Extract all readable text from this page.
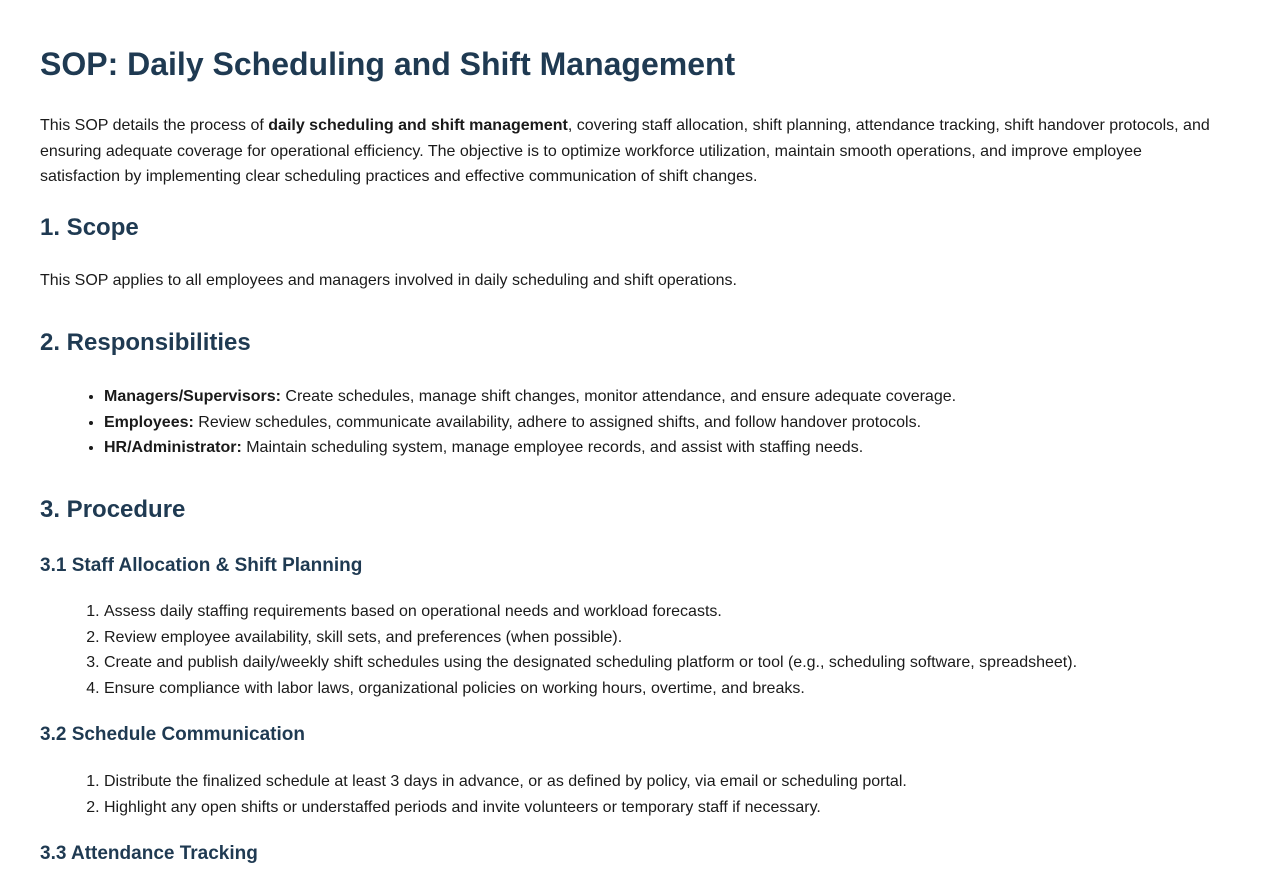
SOP: Daily Scheduling and Shift Management

This SOP details the process of daily scheduling and shift management, covering staff allocation, shift planning, attendance tracking, shift handover protocols, and ensuring adequate coverage for operational efficiency. The objective is to optimize workforce utilization, maintain smooth operations, and improve employee satisfaction by implementing clear scheduling practices and effective communication of shift changes.

1. Scope

This SOP applies to all employees and managers involved in daily scheduling and shift operations.

2. Responsibilities
• Managers/Supervisors: Create schedules, manage shift changes, monitor attendance, and ensure adequate coverage.
• Employees: Review schedules, communicate availability, adhere to assigned shifts, and follow handover protocols.
• HR/Administrator: Maintain scheduling system, manage employee records, and assist with staffing needs.
3. Procedure
3.1 Staff Allocation & Shift Planning
1. Assess daily staffing requirements based on operational needs and workload forecasts.
2. Review employee availability, skill sets, and preferences (when possible).
3. Create and publish daily/weekly shift schedules using the designated scheduling platform or tool (e.g., scheduling software, spreadsheet).
4. Ensure compliance with labor laws, organizational policies on working hours, overtime, and breaks.
3.2 Schedule Communication
1. Distribute the finalized schedule at least 3 days in advance, or as defined by policy, via email or scheduling portal.
2. Highlight any open shifts or understaffed periods and invite volunteers or temporary staff if necessary.
3.3 Attendance Tracking
